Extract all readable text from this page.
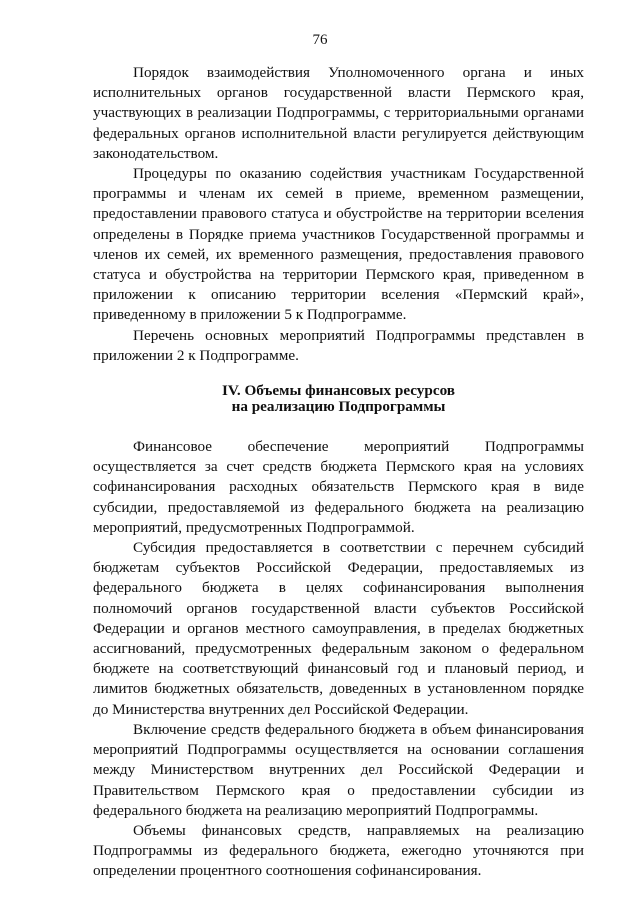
76

Порядок взаимодействия Уполномоченного органа и иных исполнительных органов государственной власти Пермского края, участвующих в реализации Подпрограммы, с территориальными органами федеральных органов исполнительной власти регулируется действующим законодательством.

Процедуры по оказанию содействия участникам Государственной программы и членам их семей в приеме, временном размещении, предоставлении правового статуса и обустройстве на территории вселения определены в Порядке приема участников Государственной программы и членов их семей, их временного размещения, предоставления правового статуса и обустройства на территории Пермского края, приведенном в приложении к описанию территории вселения «Пермский край», приведенному в приложении 5 к Подпрограмме.

Перечень основных мероприятий Подпрограммы представлен в приложении 2 к Подпрограмме.

IV. Объемы финансовых ресурсов
на реализацию Подпрограммы

Финансовое обеспечение мероприятий Подпрограммы осуществляется за счет средств бюджета Пермского края на условиях софинансирования расходных обязательств Пермского края в виде субсидии, предоставляемой из федерального бюджета на реализацию мероприятий, предусмотренных Подпрограммой.

Субсидия предоставляется в соответствии с перечнем субсидий бюджетам субъектов Российской Федерации, предоставляемых из федерального бюджета в целях софинансирования выполнения полномочий органов государственной власти субъектов Российской Федерации и органов местного самоуправления, в пределах бюджетных ассигнований, предусмотренных федеральным законом о федеральном бюджете на соответствующий финансовый год и плановый период, и лимитов бюджетных обязательств, доведенных в установленном порядке до Министерства внутренних дел Российской Федерации.

Включение средств федерального бюджета в объем финансирования мероприятий Подпрограммы осуществляется на основании соглашения между Министерством внутренних дел Российской Федерации и Правительством Пермского края о предоставлении субсидии из федерального бюджета на реализацию мероприятий Подпрограммы.

Объемы финансовых средств, направляемых на реализацию Подпрограммы из федерального бюджета, ежегодно уточняются при определении процентного соотношения софинансирования.
